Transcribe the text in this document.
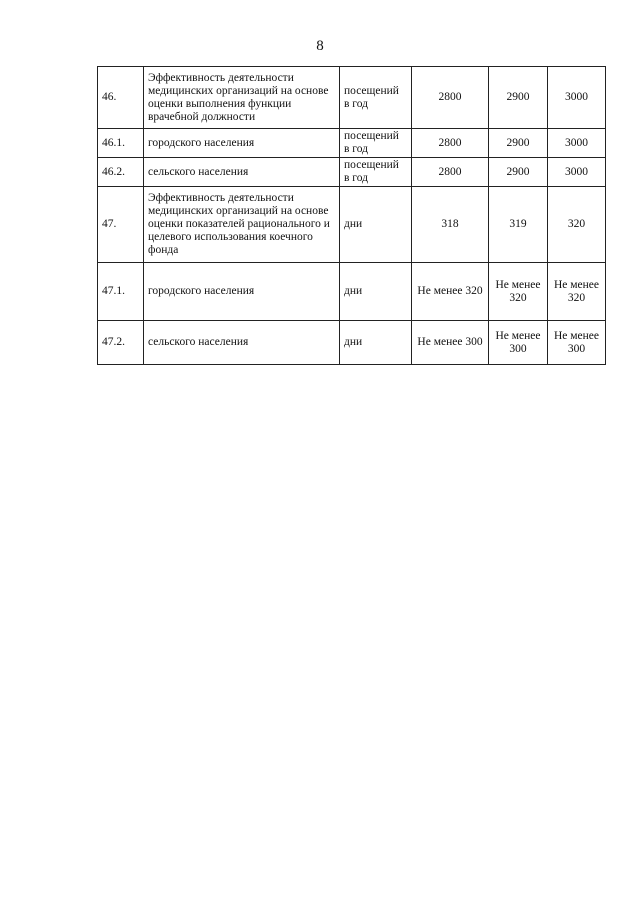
8
46.	Эффективность деятельности медицинских организаций на основе оценки выполнения функции врачебной должности	посещений в год	2800	2900	3000
46.1.	городского населения	посещений в год	2800	2900	3000
46.2.	сельского населения	посещений в год	2800	2900	3000
47.	Эффективность деятельности медицинских организаций на основе оценки показателей рационального и целевого использования коечного фонда	дни	318	319	320
47.1.	городского населения	дни	Не менее 320	Не менее 320	Не менее 320
47.2.	сельского населения	дни	Не менее 300	Не менее 300	Не менее 300
